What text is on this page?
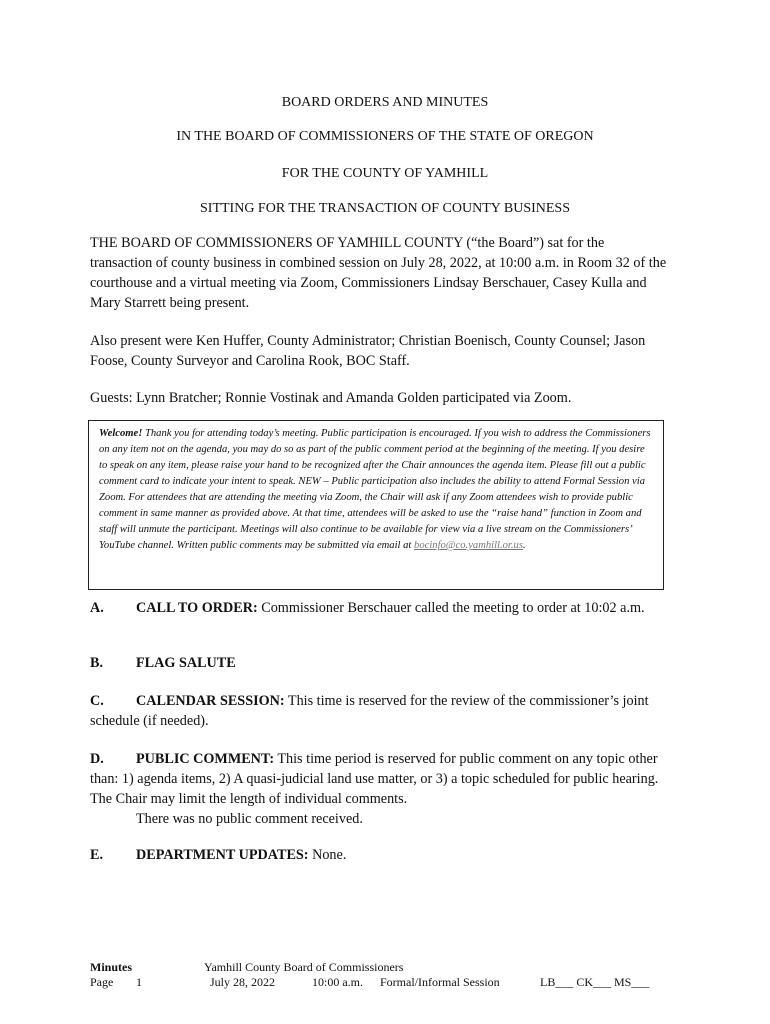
BOARD ORDERS AND MINUTES
IN THE BOARD OF COMMISSIONERS OF THE STATE OF OREGON
FOR THE COUNTY OF YAMHILL
SITTING FOR THE TRANSACTION OF COUNTY BUSINESS
THE BOARD OF COMMISSIONERS OF YAMHILL COUNTY (“the Board”) sat for the transaction of county business in combined session on July 28, 2022, at 10:00 a.m. in Room 32 of the courthouse and a virtual meeting via Zoom, Commissioners Lindsay Berschauer, Casey Kulla and Mary Starrett being present.
Also present were Ken Huffer, County Administrator; Christian Boenisch, County Counsel; Jason Foose, County Surveyor and Carolina Rook, BOC Staff.
Guests: Lynn Bratcher; Ronnie Vostinak and Amanda Golden participated via Zoom.
Welcome! Thank you for attending today’s meeting. Public participation is encouraged. If you wish to address the Commissioners on any item not on the agenda, you may do so as part of the public comment period at the beginning of the meeting. If you desire to speak on any item, please raise your hand to be recognized after the Chair announces the agenda item. Please fill out a public comment card to indicate your intent to speak. NEW – Public participation also includes the ability to attend Formal Session via Zoom. For attendees that are attending the meeting via Zoom, the Chair will ask if any Zoom attendees wish to provide public comment in same manner as provided above. At that time, attendees will be asked to use the “raise hand” function in Zoom and staff will unmute the participant. Meetings will also continue to be available for view via a live stream on the Commissioners’ YouTube channel. Written public comments may be submitted via email at bocinfo@co.yamhill.or.us.
A. CALL TO ORDER: Commissioner Berschauer called the meeting to order at 10:02 a.m.
B. FLAG SALUTE
C. CALENDAR SESSION: This time is reserved for the review of the commissioner’s joint schedule (if needed).
D. PUBLIC COMMENT: This time period is reserved for public comment on any topic other than: 1) agenda items, 2) A quasi-judicial land use matter, or 3) a topic scheduled for public hearing. The Chair may limit the length of individual comments.
There was no public comment received.
E. DEPARTMENT UPDATES: None.
Minutes
Page 1
Yamhill County Board of Commissioners
July 28, 2022	10:00 a.m. Formal/Informal Session	LB___ CK___ MS___
